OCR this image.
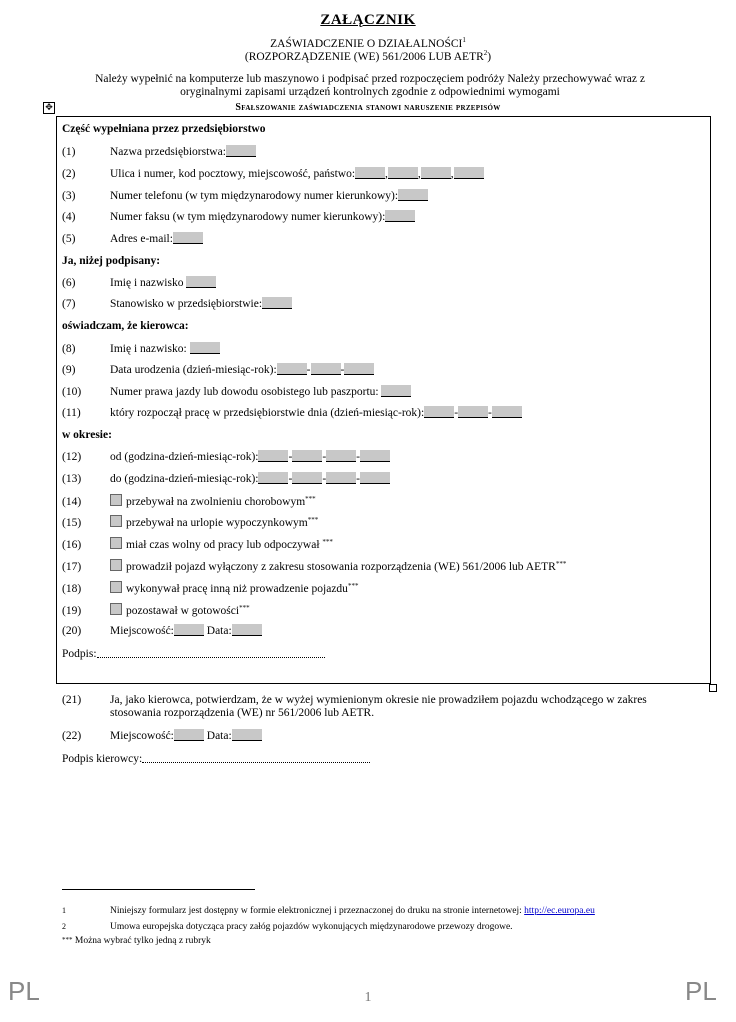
ZAŁĄCZNIK
ZAŚWIADCZENIE O DZIAŁALNOŚCI$^1$
(ROZPORZĄDZENIE (WE) 561/2006 LUB AETR$^2$)
Należy wypełnić na komputerze lub maszynowo i podpisać przed rozpoczęciem podróży Należy przechowywać wraz z oryginalnymi zapisami urządzeń kontrolnych zgodnie z odpowiednimi wymogami
Sfałszowanie zaświadczenia stanowi naruszenie przepisów
✥
Część wypełniana przez przedsiębiorstwo
(1)	Nazwa przedsiębiorstwa:
(2)	Ulica i numer, kod pocztowy, miejscowość, państwo:	,	,	,
(3)	Numer telefonu (w tym międzynarodowy numer kierunkowy):
(4)	Numer faksu (w tym międzynarodowy numer kierunkowy):
(5)	Adres e-mail:
Ja, niżej podpisany:
(6)	Imię i nazwisko
(7)	Stanowisko w przedsiębiorstwie:
oświadczam, że kierowca:
(8)	Imię i nazwisko:
(9)	Data urodzenia (dzień-miesiąc-rok):	-	-
(10)	Numer prawa jazdy lub dowodu osobistego lub paszportu:
(11)	który rozpoczął pracę w przedsiębiorstwie dnia (dzień-miesiąc-rok):	-	-
w okresie:
(12)	od (godzina-dzień-miesiąc-rok):	-	-	-
(13)	do (godzina-dzień-miesiąc-rok):	-	-	-
(14)	przebywał na zwolnieniu chorobowym***
(15)	przebywał na urlopie wypoczynkowym***
(16)	miał czas wolny od pracy lub odpoczywał ***
(17)	prowadził pojazd wyłączony z zakresu stosowania rozporządzenia (WE) 561/2006 lub AETR***
(18)	wykonywał pracę inną niż prowadzenie pojazdu***
(19)	pozostawał w gotowości***
(20)	Miejscowość:	Data:
Podpis:
(21)	Ja, jako kierowca, potwierdzam, że w wyżej wymienionym okresie nie prowadziłem pojazdu wchodzącego w zakres stosowania rozporządzenia (WE) nr 561/2006 lub AETR.
(22)	Miejscowość:	Data:
Podpis kierowcy:
1	Niniejszy formularz jest dostępny w formie elektronicznej i przeznaczonej do druku na stronie internetowej: http://ec.europa.eu
2	Umowa europejska dotycząca pracy załóg pojazdów wykonujących międzynarodowe przewozy drogowe.
*** Można wybrać tylko jedną z rubryk
PL	PL
1
